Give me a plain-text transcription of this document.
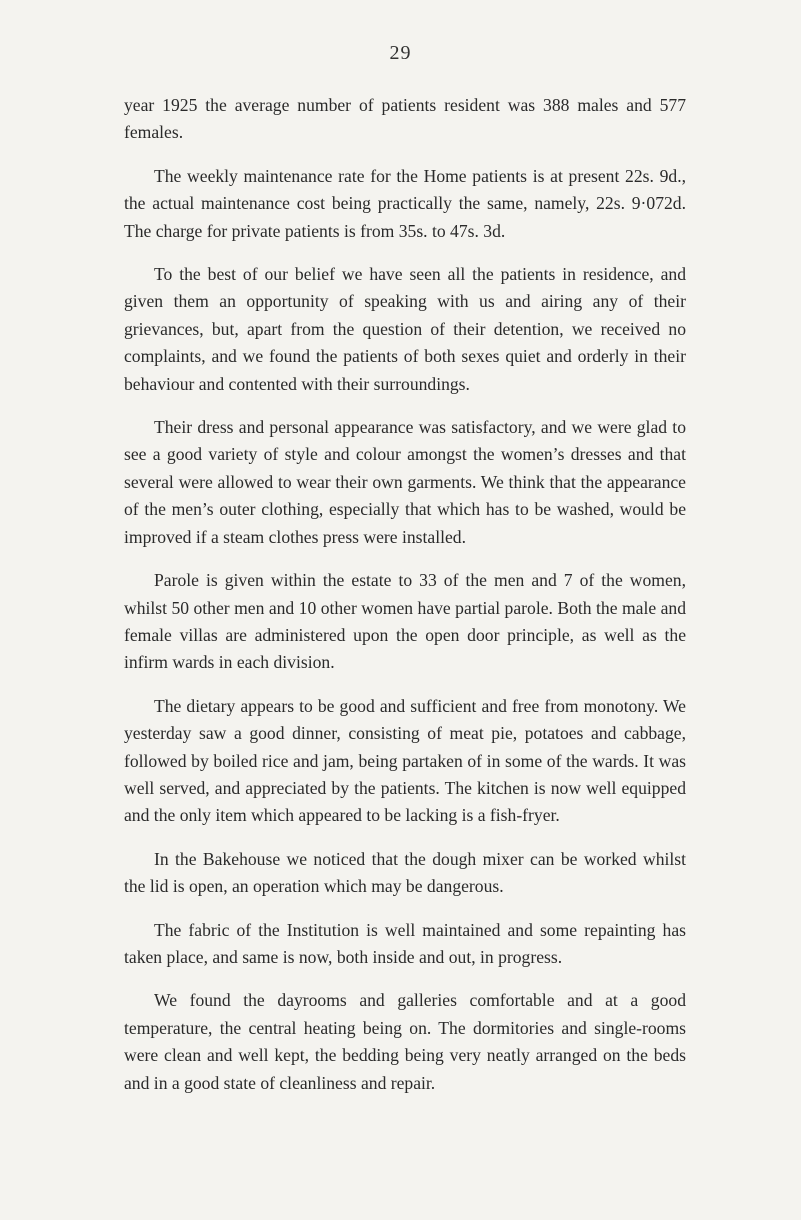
29

year 1925 the average number of patients resident was 388 males and 577 females.

The weekly maintenance rate for the Home patients is at present 22s. 9d., the actual maintenance cost being practically the same, namely, 22s. 9·072d. The charge for private patients is from 35s. to 47s. 3d.

To the best of our belief we have seen all the patients in residence, and given them an opportunity of speaking with us and airing any of their grievances, but, apart from the question of their detention, we received no complaints, and we found the patients of both sexes quiet and orderly in their behaviour and contented with their surroundings.

Their dress and personal appearance was satisfactory, and we were glad to see a good variety of style and colour amongst the women’s dresses and that several were allowed to wear their own garments. We think that the appearance of the men’s outer clothing, especially that which has to be washed, would be improved if a steam clothes press were installed.

Parole is given within the estate to 33 of the men and 7 of the women, whilst 50 other men and 10 other women have partial parole. Both the male and female villas are administered upon the open door principle, as well as the infirm wards in each division.

The dietary appears to be good and sufficient and free from monotony. We yesterday saw a good dinner, consisting of meat pie, potatoes and cabbage, followed by boiled rice and jam, being partaken of in some of the wards. It was well served, and appreciated by the patients. The kitchen is now well equipped and the only item which appeared to be lacking is a fish-fryer.

In the Bakehouse we noticed that the dough mixer can be worked whilst the lid is open, an operation which may be dangerous.

The fabric of the Institution is well maintained and some repainting has taken place, and same is now, both inside and out, in progress.

We found the dayrooms and galleries comfortable and at a good temperature, the central heating being on. The dormitories and single-rooms were clean and well kept, the bedding being very neatly arranged on the beds and in a good state of cleanliness and repair.
